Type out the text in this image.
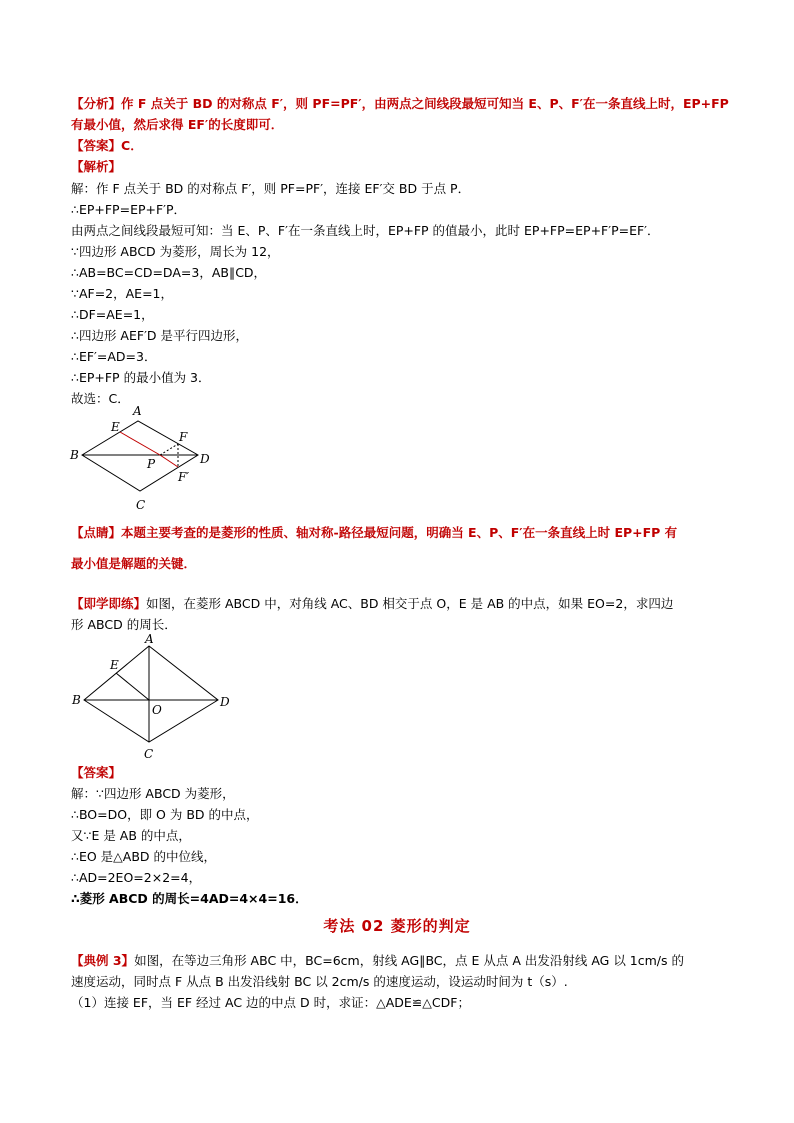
【分析】作 F 点关于 BD 的对称点 F′，则 PF=PF′，由两点之间线段最短可知当 E、P、F′在一条直线上时，EP+FP
有最小值，然后求得 EF′的长度即可．
【答案】C．
【解析】
解：作 F 点关于 BD 的对称点 F′，则 PF=PF′，连接 EF′交 BD 于点 P．
∴EP+FP=EP+F′P．
由两点之间线段最短可知：当 E、P、F′在一条直线上时，EP+FP 的值最小，此时 EP+FP=EP+F′P=EF′．
∵四边形 ABCD 为菱形，周长为 12，
∴AB=BC=CD=DA=3，AB∥CD，
∵AF=2，AE=1，
∴DF=AE=1，
∴四边形 AEF′D 是平行四边形，
∴EF′=AD=3．
∴EP+FP 的最小值为 3．
故选：C．
A
E
F
B
P	D
F′
C
【点睛】本题主要考查的是菱形的性质、轴对称-路径最短问题，明确当 E、P、F′在一条直线上时 EP+FP 有
最小值是解题的关键．
【即学即练】如图，在菱形 ABCD 中，对角线 AC、BD 相交于点 O，E 是 AB 的中点，如果 EO=2，求四边
形 ABCD 的周长．
A
E
B
O
D
C
【答案】
解：∵四边形 ABCD 为菱形，
∴BO=DO，即 O 为 BD 的中点，
又∵E 是 AB 的中点，
∴EO 是△ABD 的中位线，
∴AD=2EO=2×2=4，
∴菱形 ABCD 的周长=4AD=4×4=16．
考法 02 菱形的判定
【典例 3】如图，在等边三角形 ABC 中，BC=6cm，射线 AG∥BC，点 E 从点 A 出发沿射线 AG 以 1cm/s 的
速度运动，同时点 F 从点 B 出发沿线射 BC 以 2cm/s 的速度运动，设运动时间为 t（s）.
（1）连接 EF，当 EF 经过 AC 边的中点 D 时，求证：△ADE≌△CDF；
